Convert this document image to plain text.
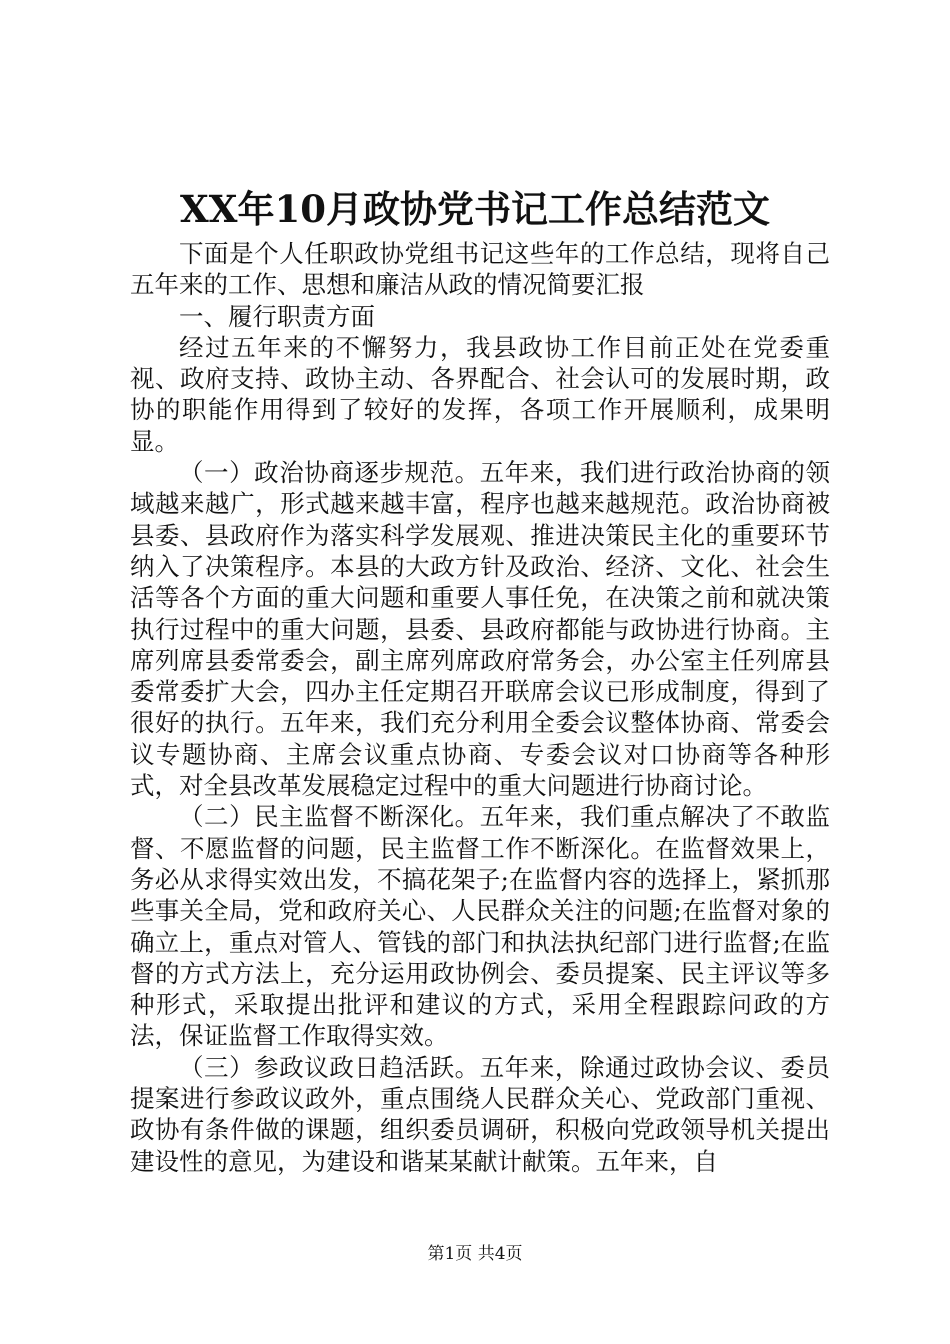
XX年10月政协党书记工作总结范文

下面是个人任职政协党组书记这些年的工作总结，现将自己五年来的工作、思想和廉洁从政的情况简要汇报

一、履行职责方面

经过五年来的不懈努力，我县政协工作目前正处在党委重视、政府支持、政协主动、各界配合、社会认可的发展时期，政协的职能作用得到了较好的发挥，各项工作开展顺利，成果明显。

（一）政治协商逐步规范。五年来，我们进行政治协商的领域越来越广，形式越来越丰富，程序也越来越规范。政治协商被县委、县政府作为落实科学发展观、推进决策民主化的重要环节纳入了决策程序。本县的大政方针及政治、经济、文化、社会生活等各个方面的重大问题和重要人事任免，在决策之前和就决策执行过程中的重大问题，县委、县政府都能与政协进行协商。主席列席县委常委会，副主席列席政府常务会，办公室主任列席县委常委扩大会，四办主任定期召开联席会议已形成制度，得到了很好的执行。五年来，我们充分利用全委会议整体协商、常委会议专题协商、主席会议重点协商、专委会议对口协商等各种形式，对全县改革发展稳定过程中的重大问题进行协商讨论。

（二）民主监督不断深化。五年来，我们重点解决了不敢监督、不愿监督的问题，民主监督工作不断深化。在监督效果上，务必从求得实效出发，不搞花架子;在监督内容的选择上，紧抓那些事关全局，党和政府关心、人民群众关注的问题;在监督对象的确立上，重点对管人、管钱的部门和执法执纪部门进行监督;在监督的方式方法上，充分运用政协例会、委员提案、民主评议等多种形式，采取提出批评和建议的方式，采用全程跟踪问政的方法，保证监督工作取得实效。

（三）参政议政日趋活跃。五年来，除通过政协会议、委员提案进行参政议政外，重点围绕人民群众关心、党政部门重视、政协有条件做的课题，组织委员调研，积极向党政领导机关提出建设性的意见，为建设和谐某某献计献策。五年来，自

第1页 共4页
